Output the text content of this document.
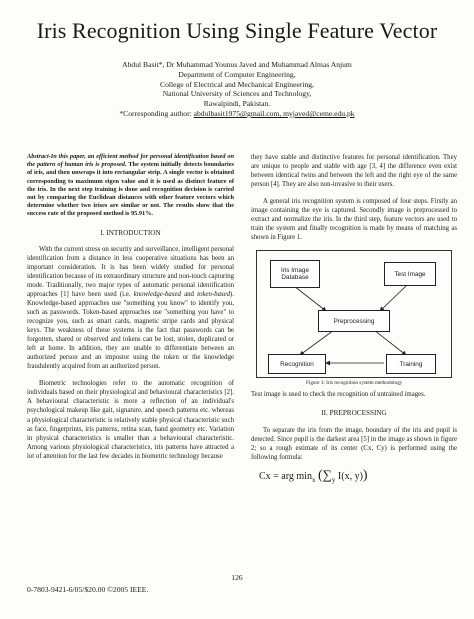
Iris Recognition Using Single Feature Vector
Abdul Basit*, Dr Muhammad Younus Javed and Muhammad Almas Anjum
Department of Computer Engineering,
College of Electrical and Mechanical Engineering,
National University of Sciences and Technology,
Rawalpindi, Pakistan.
*Corresponding author: abdulbasit1975@gmail.com, myjaved@ceme.edu.pk

Abstract-In this paper, an efficient method for personal identification based on the pattern of human iris is proposed. The system initially detects boundaries of iris, and then unwraps it into rectangular strip. A single vector is obtained corresponding to maximum eigen value and it is used as distinct feature of the iris. In the next step training is done and recognition decision is carried out by comparing the Euclidean distances with other feature vectors which determine whether two irises are similar or not. The results show that the success rate of the proposed method is 95.91%.

I. INTRODUCTION

With the current stress on security and surveillance, intelligent personal identification from a distance in less cooperative situations has been an important consideration. It is has been widely studied for personal identification because of its extraordinary structure and non-touch capturing mode. Traditionally, two major types of automatic personal identification approaches [1] have been used (i.e. knowledge-based and token-based). Knowledge-based approaches use "something you know" to identify you, such as passwords. Token-based approaches use "something you have" to recognize you, such as smart cards, magnetic stripe cards and physical keys. The weakness of these systems is the fact that passwords can be forgotten, shared or observed and tokens can be lost, stolen, duplicated or left at home. In addition, they are unable to differentiate between an authorized person and an impostor using the token or the knowledge fraudulently acquired from an authorized person.

Biometric technologies refer to the automatic recognition of individuals based on their physiological and behavioural characteristics [2]. A behavioural characteristic is more a reflection of an individual's psychological makeup like gait, signature, and speech patterns etc. whereas a physiological characteristic is relatively stable physical characteristic such as face, fingerprints, iris patterns, retina scan, hand geometry etc. Variation in physical characteristics is smaller than a behavioural characteristic. Among various physiological characteristics, iris patterns have attracted a lot of attention for the last few decades in biometric technology because

they have stable and distinctive features for personal identification. They are unique to people and stable with age [3, 4] the difference even exist between identical twins and between the left and the right eye of the same person [4]. They are also non-invasive to their users.

A general iris recognition system is composed of four steps. Firstly an image containing the eye is captured. Secondly image is preprocessed to extract and normalize the iris. In the third step, feature vectors are used to train the system and finally recognition is made by means of matching as shown in Figure 1.

Iris Image Database
Test Image
Preprocessing
Recognition	Training
Figure 1: Iris recognition system methodology

Test image is used to check the recognition of untrained images.

II. PREPROCESSING

To separate the iris from the image, boundary of the iris and pupil is detected. Since pupil is the darkest area [5] in the image as shown in figure 2; so a rough estimate of its center (Cx, Cy) is performed using the following formula:

Cx = arg $\min_x (\sum_y$ I(x, y))
126
0-7803-9421-6/05/$20.00 ©2005 IEEE.
